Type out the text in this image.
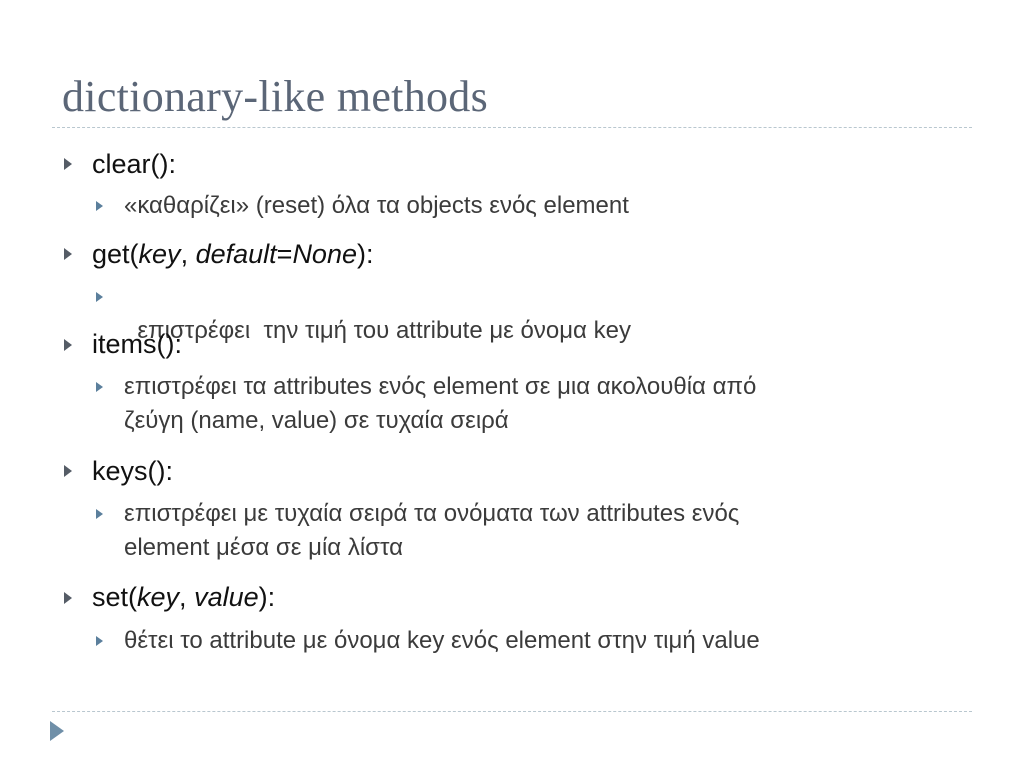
dictionary-like methods
clear():
«καθαρίζει» (reset) όλα τα objects ενός element
get(key, default=None):

επιστρέφει  την τιμή του attribute με όνομα key

items():
επιστρέφει τα attributes ενός element σε μια ακολουθία από
ζεύγη (name, value) σε τυχαία σειρά
keys():
επιστρέφει με τυχαία σειρά τα ονόματα των attributes ενός
element μέσα σε μία λίστα
set(key, value):
θέτει το attribute με όνομα key ενός element στην τιμή value
